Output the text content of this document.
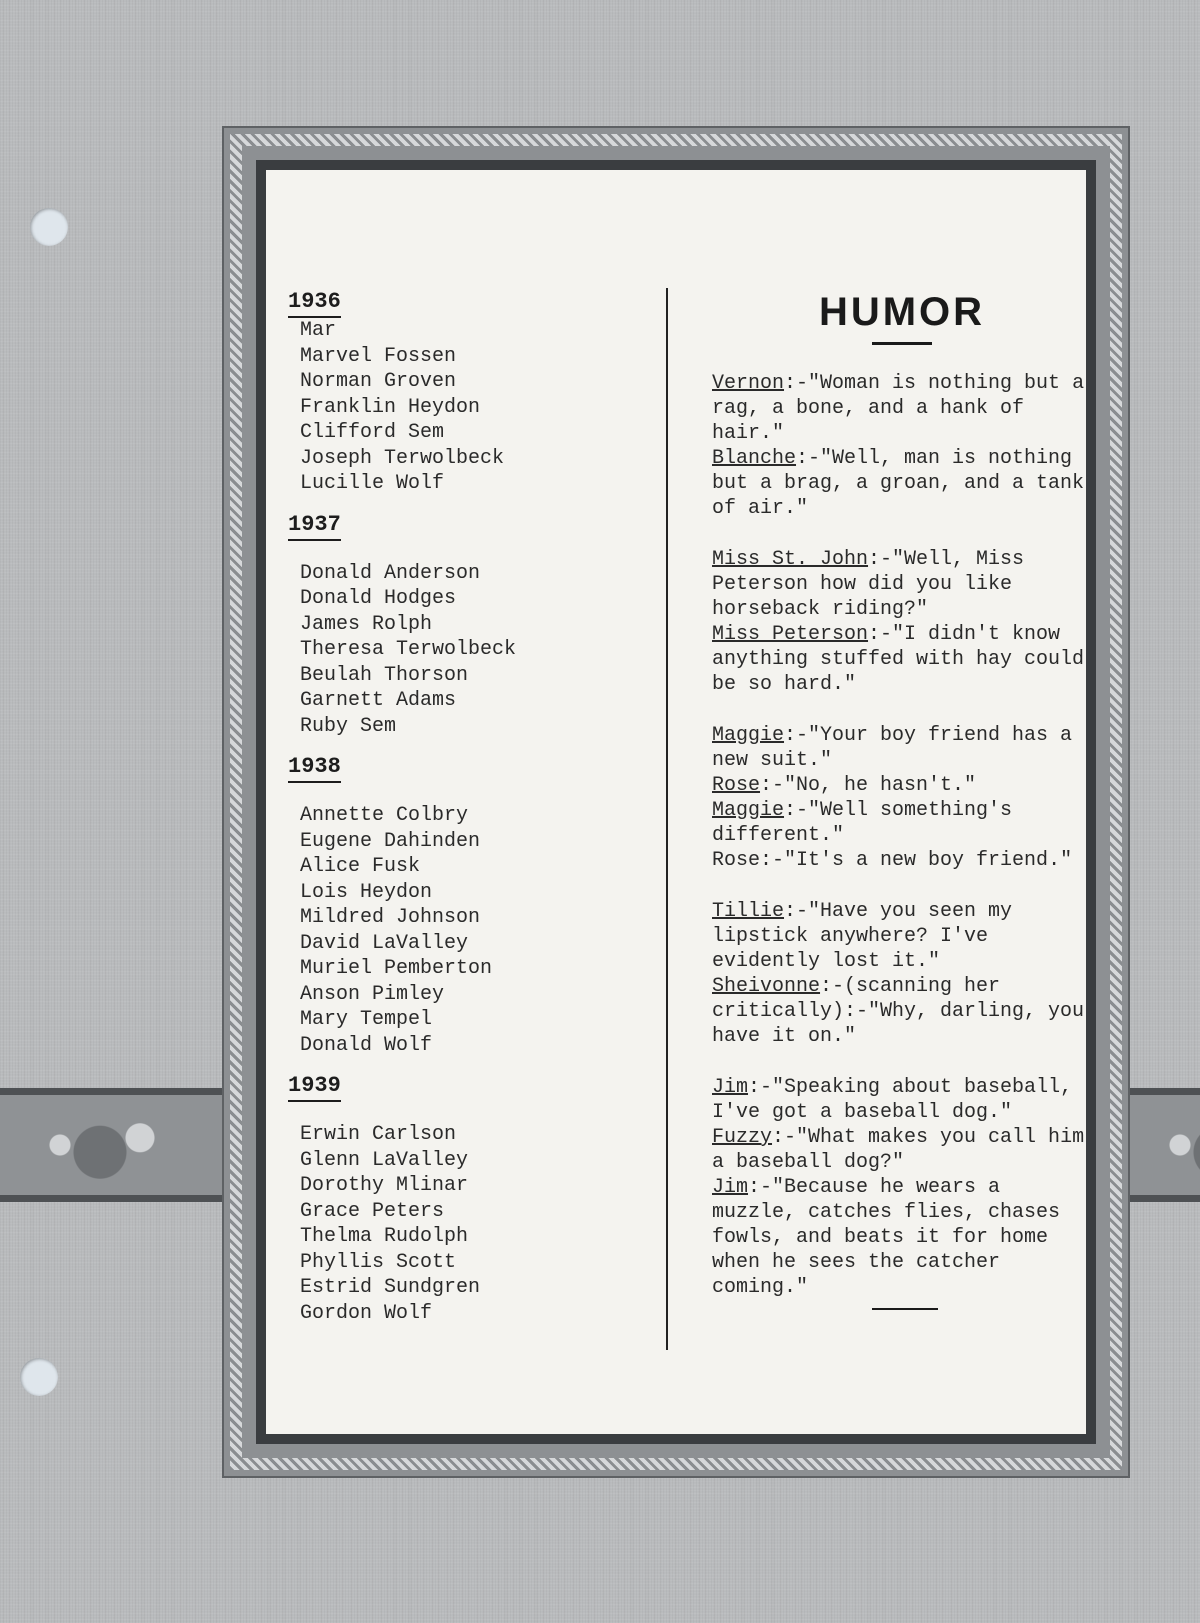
1936
Mar
Marvel Fossen
Norman Groven
Franklin Heydon
Clifford Sem
Joseph Terwolbeck
Lucille Wolf
1937
Donald Anderson
Donald Hodges
James Rolph
Theresa Terwolbeck
Beulah Thorson
Garnett Adams
Ruby Sem
1938
Annette Colbry
Eugene Dahinden
Alice Fusk
Lois Heydon
Mildred Johnson
David LaValley
Muriel Pemberton
Anson Pimley
Mary Tempel
Donald Wolf
1939
Erwin Carlson
Glenn LaValley
Dorothy Mlinar
Grace Peters
Thelma Rudolph
Phyllis Scott
Estrid Sundgren
Gordon Wolf
HUMOR

Vernon:-"Woman is nothing but a rag, a bone, and a hank of hair."

Blanche:-"Well, man is nothing but a brag, a groan, and a tank of air."

Miss St. John:-"Well, Miss Peterson how did you like horseback riding?"

Miss Peterson:-"I didn't know anything stuffed with hay could be so hard."

Maggie:-"Your boy friend has a new suit."

Rose:-"No, he hasn't."

Maggie:-"Well something's different."

Rose:-"It's a new boy friend."

Tillie:-"Have you seen my lipstick anywhere? I've evidently lost it."

Sheivonne:-(scanning her critically):-"Why, darling, you have it on."

Jim:-"Speaking about baseball, I've got a baseball dog."

Fuzzy:-"What makes you call him a baseball dog?"

Jim:-"Because he wears a muzzle, catches flies, chases fowls, and beats it for home when he sees the catcher coming."
